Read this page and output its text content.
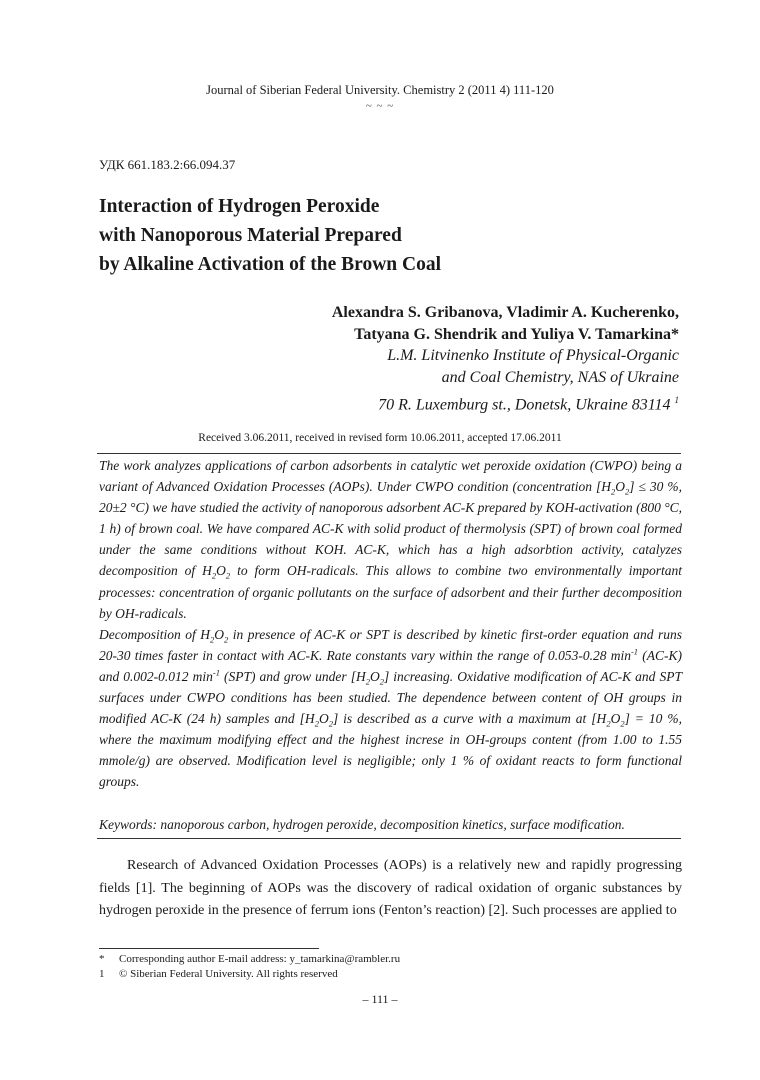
Journal of Siberian Federal University. Chemistry 2 (2011 4) 111-120
~ ~ ~
УДК 661.183.2:66.094.37
Interaction of Hydrogen Peroxide
with Nanoporous Material Prepared
by Alkaline Activation of the Brown Coal
Alexandra S. Gribanova, Vladimir A. Kucherenko,
Tatyana G. Shendrik and Yuliya V. Tamarkina*
L.M. Litvinenko Institute of Physical-Organic
and Coal Chemistry, NAS of Ukraine
70 R. Luxemburg st., Donetsk, Ukraine 83114 $^1$
Received 3.06.2011, received in revised form 10.06.2011, accepted 17.06.2011

The work analyzes applications of carbon adsorbents in catalytic wet peroxide oxidation (CWPO) being a variant of Advanced Oxidation Processes (AOPs). Under CWPO condition (concentration $[H_2O_2] \le 30$ %, 20±2 °C) we have studied the activity of nanoporous adsorbent AC-K prepared by KOH-activation (800 °C, 1 h) of brown coal. We have compared AC-K with solid product of thermolysis (SPT) of brown coal formed under the same conditions without KOH. AC-K, which has a high adsorbtion activity, catalyzes decomposition of $H_2O_2$ to form OH-radicals. This allows to combine two environmentally important processes: concentration of organic pollutants on the surface of adsorbent and their further decomposition by OH-radicals.

Decomposition of $H_2O_2$ in presence of AC-K or SPT is described by kinetic first-order equation and runs 20-30 times faster in contact with AC-K. Rate constants vary within the range of 0.053-0.28 $\min^{-1} (AC-K)$ and 0.002-0.012 $\min^{-1} (SPT)$ and grow under $[H_2O_2]$ increasing. Oxidative modification of AC-K and SPT surfaces under CWPO conditions has been studied. The dependence between content of OH groups in modified AC-K (24 h) samples and $[H_2O_2]$ is described as a curve with a maximum at $[H_2O_2] = 10$ %, where the maximum modifying effect and the highest increse in OH-groups content (from 1.00 to 1.55 mmole/g) are observed. Modification level is negligible; only 1 % of oxidant reacts to form functional groups.

Keywords: nanoporous carbon, hydrogen peroxide, decomposition kinetics, surface modification.

Research of Advanced Oxidation Processes (AOPs) is a relatively new and rapidly progressing fields [1]. The beginning of AOPs was the discovery of radical oxidation of organic substances by hydrogen peroxide in the presence of ferrum ions (Fenton’s reaction) [2]. Such processes are applied to

* Corresponding author E-mail address: y_tamarkina@rambler.ru
1 © Siberian Federal University. All rights reserved
– 111 –
